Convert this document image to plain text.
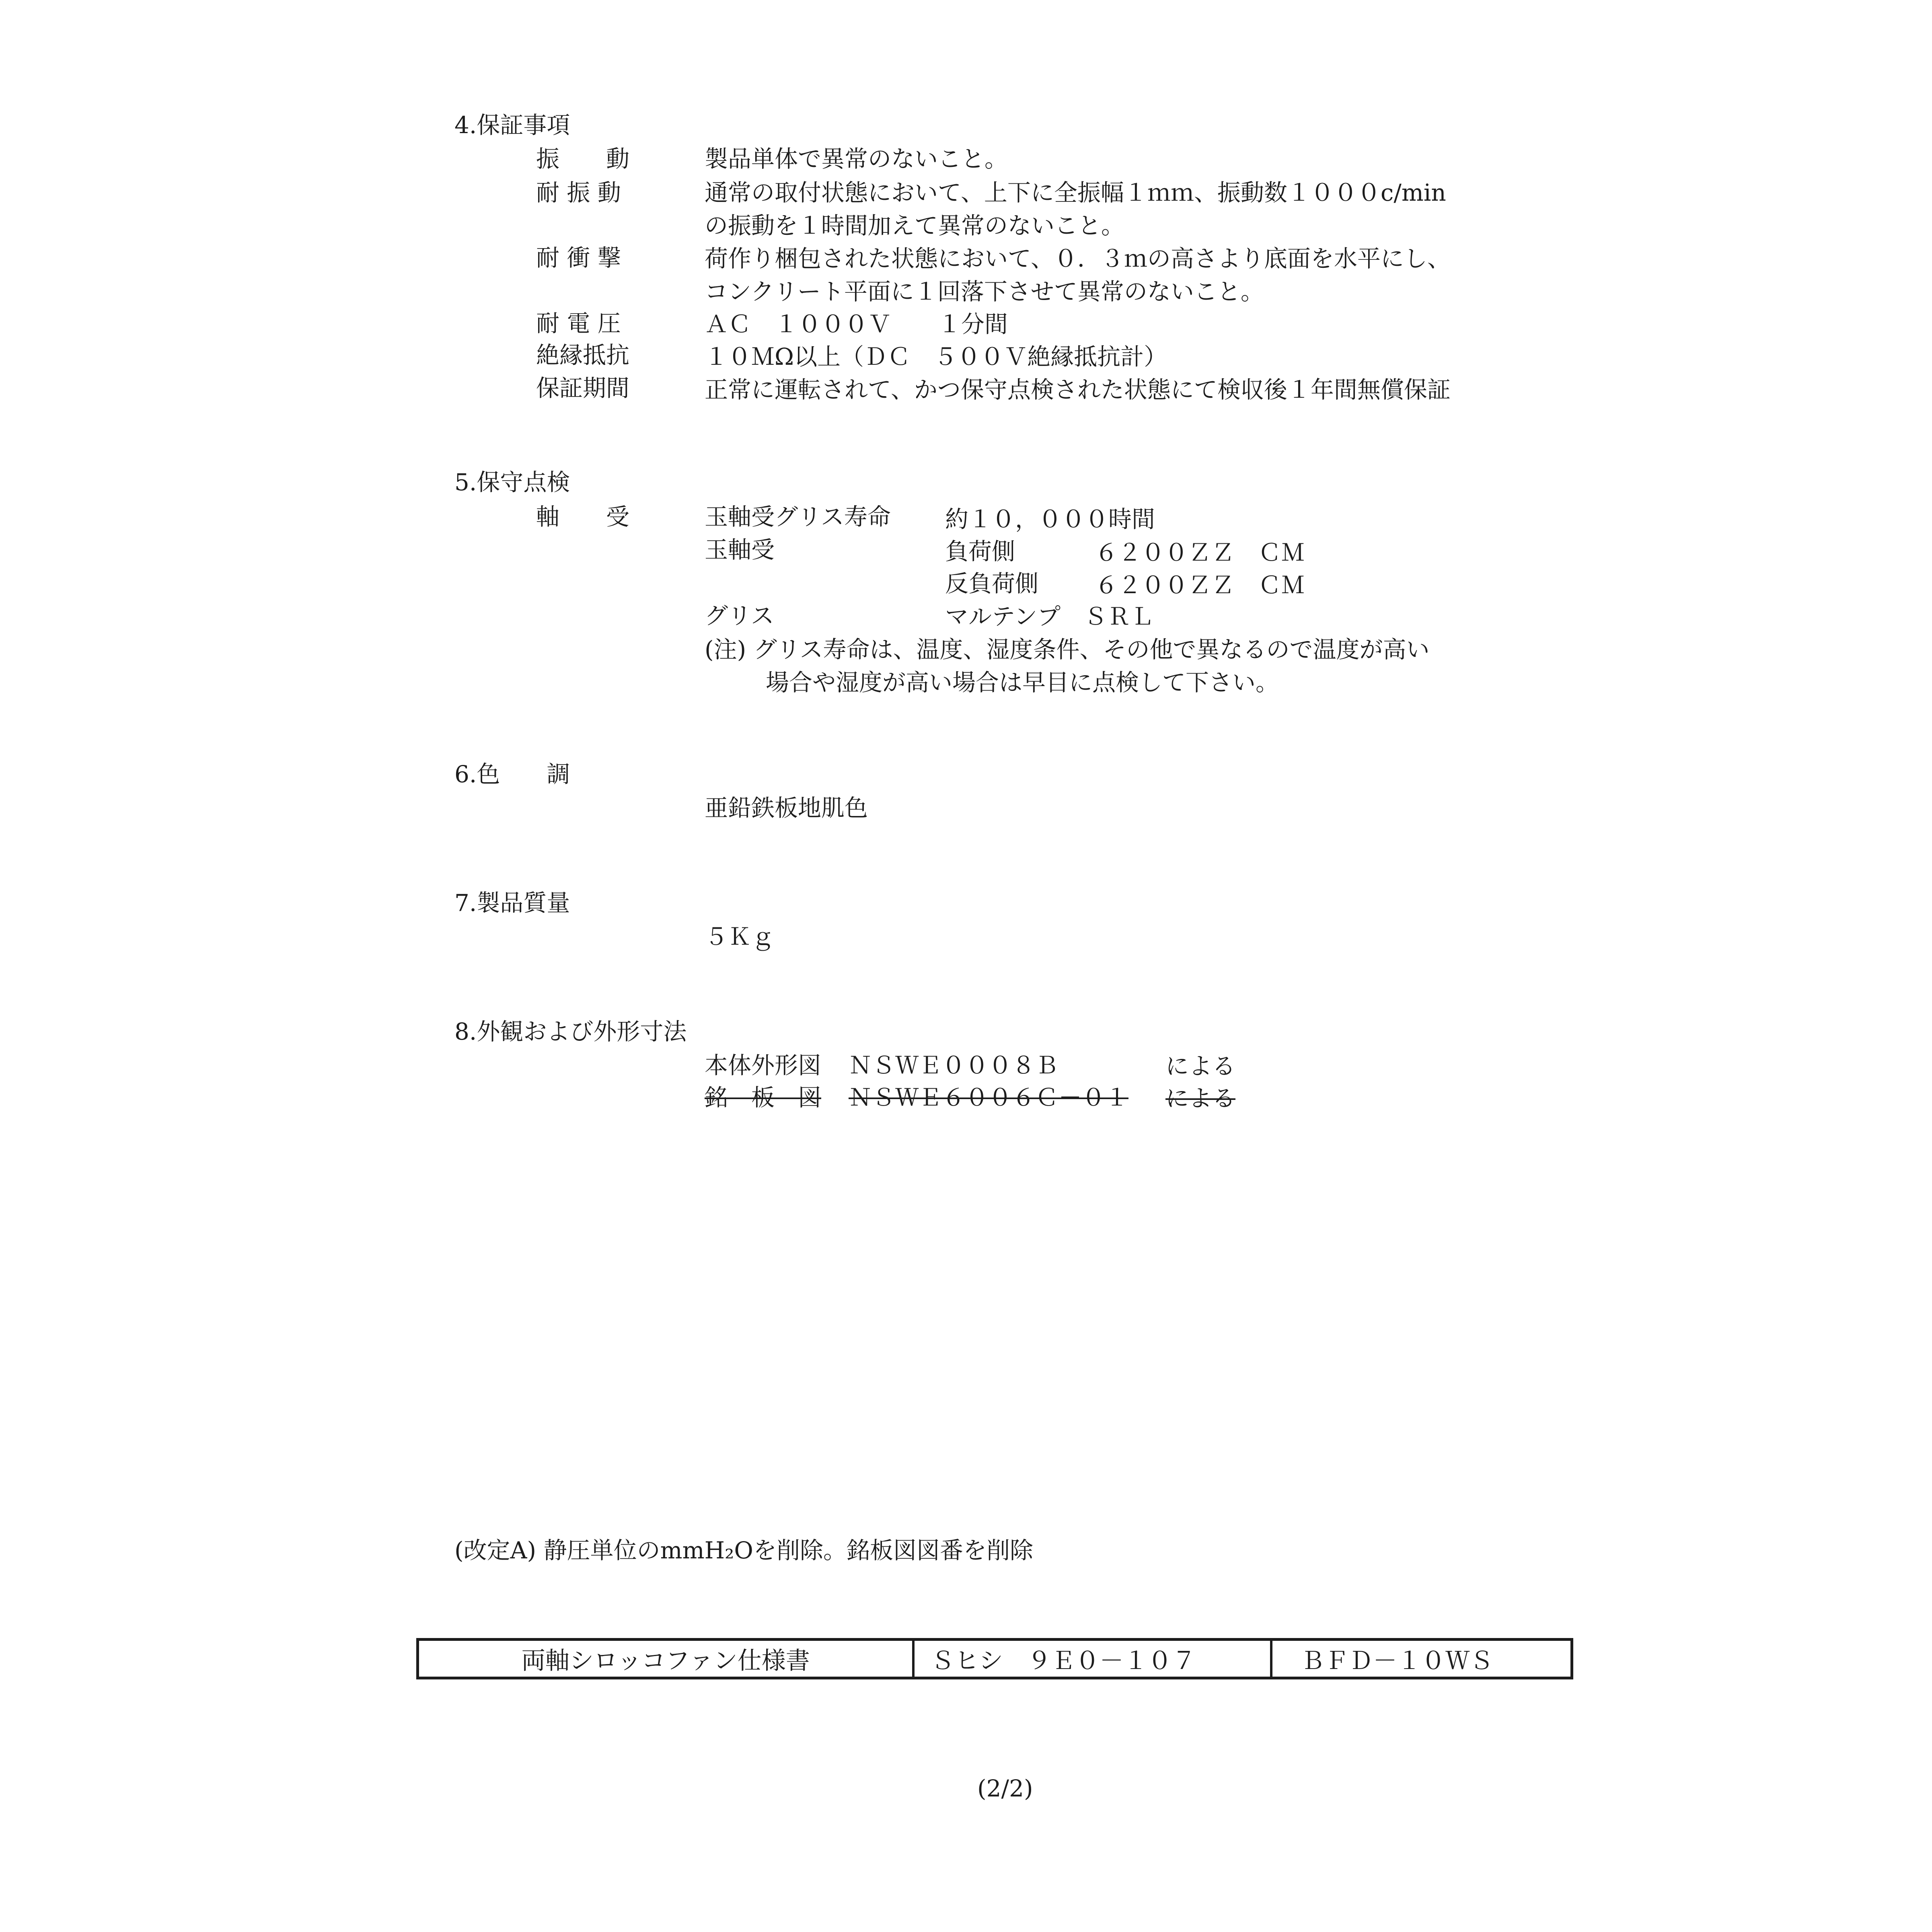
4.保証事項
振　　動	製品単体で異常のないこと。
耐 振 動	通常の取付状態において、上下に全振幅１ｍｍ、振動数１０００c/min
の振動を１時間加えて異常のないこと。
耐 衝 撃	荷作り梱包された状態において、０．３ｍの高さより底面を水平にし、
コンクリート平面に１回落下させて異常のないこと。
耐 電 圧	ＡＣ　１０００Ｖ　　１分間
絶縁抵抗	１０ＭΩ以上（ＤＣ　５００Ｖ絶縁抵抗計）
保証期間	正常に運転されて、かつ保守点検された状態にて検収後１年間無償保証
5.保守点検
軸　　受	玉軸受グリス寿命 約１０，０００時間
玉軸受	負荷側	６２００ＺＺ　ＣＭ
反負荷側 ６２００ＺＺ　ＣＭ
グリス	マルテンプ　ＳＲＬ
(注) グリス寿命は、温度、湿度条件、その他で異なるので温度が高い
場合や湿度が高い場合は早目に点検して下さい。
6.色　　調
亜鉛鉄板地肌色
7.製品質量
５Ｋｇ
8.外観および外形寸法
本体外形図 ＮＳＷＥ０００８Ｂ	による
銘　板　図 ＮＳＷＥ６００６Ｃ－０１ による
(改定A) 静圧単位のmmH₂Oを削除。銘板図図番を削除
両軸シロッコファン仕様書	Ｓヒシ　９Ｅ０－１０７	ＢＦＤ－１０ＷＳ
(2/2)
